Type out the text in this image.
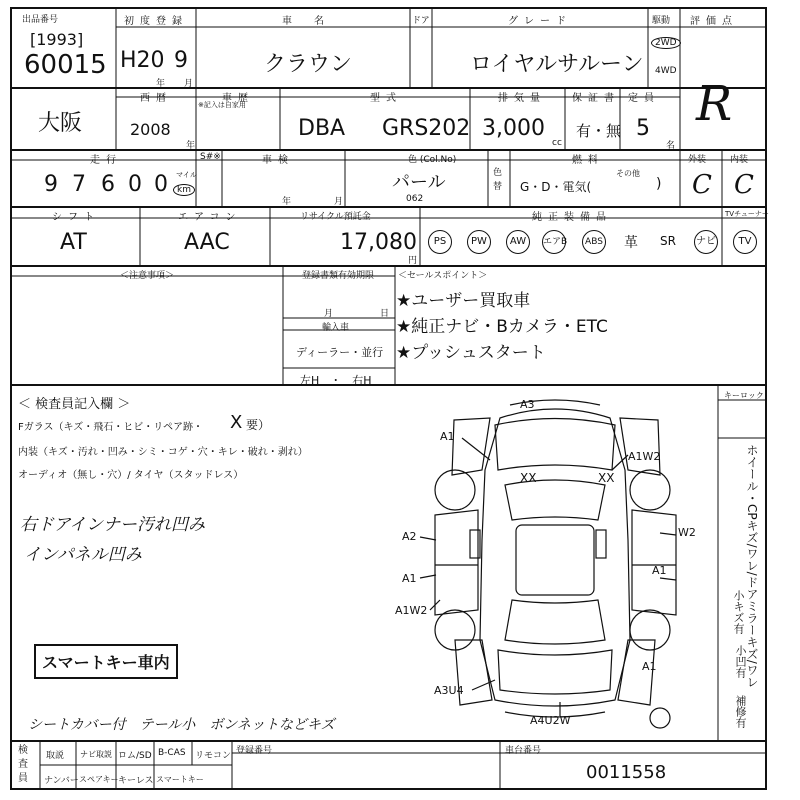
出品番号
[1993]
60015
初度登録
H20 9
年 月
車　名
クラウン
ドア	グレード
ロイヤルサルーン
駆動
2WD
4WD
評価点
R
大阪
西暦
2008
車歴
※記入は自家用
年
型式
DBA GRS202
排気量
3,000
cc
保証書
有・無
定員
5
名
走行
9 7 6 0 0 マイル
km
S#※	車検
年	月
色 (Col.No)
パール
062
色替
燃料
G・D・電気(
その他
)
外装
C
内装
C
シフト
AT
エアコン
AAC
リサイクル預託金
17,080
円
純正装備品	TVチューナー
PS	PW	AW	エアB	ABS 革 SR ナビ	TV
＜注意事項＞	登録書類有効期限
月	日
輸入車
ディーラー・並行
左H　・　右H
＜セールスポイント＞
★ユーザー買取車
★純正ナビ・Bカメラ・ETC
★プッシュスタート
＜ 検査員記入欄 ＞
Fガラス（キズ・飛石・ヒビ・リペア跡・ X 要）
内装（キズ・汚れ・凹み・シミ・コゲ・穴・キレ・破れ・剥れ）
オーディオ（無し・穴）/ タイヤ（スタッドレス）
右ドアインナー汚れ凹み
インパネル凹み
スマートキー車内
シートカバー付　テール小　ボンネットなどキズ
A3
A1
A1W2
XX	XX
A2	W2
A1
A1
A1W2
A1
A3U4
A4U2W
キーロック
ホイール・CPキズ/ワレ/ドアミラーキズ/ワレ
小キズ有
小凹有
補修有
検査員
取説 ナビ取説 ロム/SD B-CAS リモコン
ナンバー スペアキー キーレス スマートキー
登録番号	車台番号
0011558
